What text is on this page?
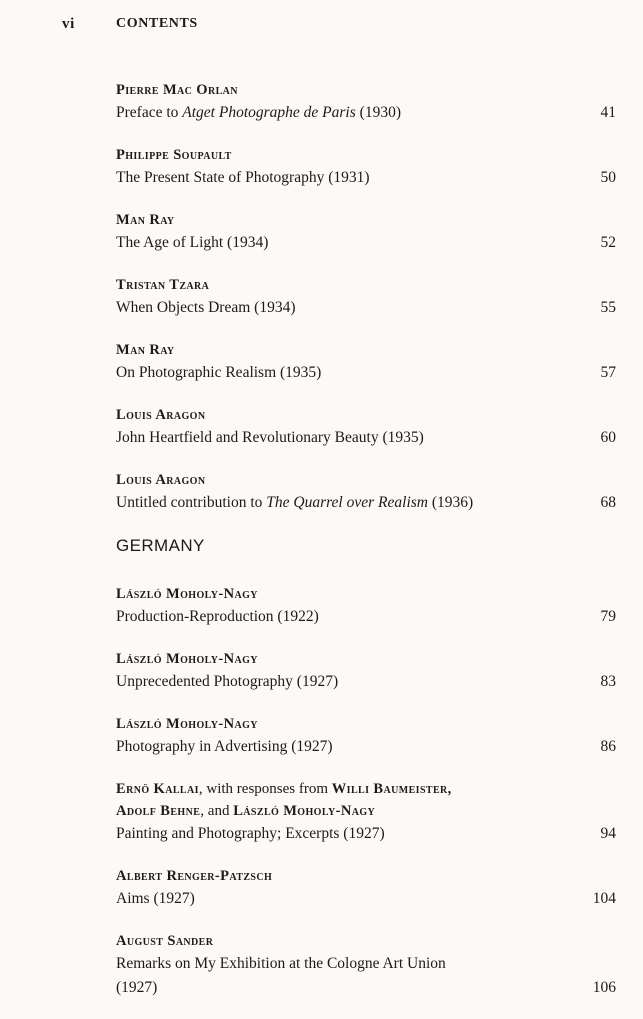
vi	CONTENTS
Pierre Mac Orlan
Preface to Atget Photographe de Paris (1930)	41
Philippe Soupault
The Present State of Photography (1931)	50
Man Ray
The Age of Light (1934)	52
Tristan Tzara
When Objects Dream (1934)	55
Man Ray
On Photographic Realism (1935)	57
Louis Aragon
John Heartfield and Revolutionary Beauty (1935)	60
Louis Aragon
Untitled contribution to The Quarrel over Realism (1936)	68
GERMANY
László Moholy-Nagy
Production-Reproduction (1922)	79
László Moholy-Nagy
Unprecedented Photography (1927)	83
László Moholy-Nagy
Photography in Advertising (1927)	86
Ernö Kallai, with responses from Willi Baumeister,
Adolf Behne, and László Moholy-Nagy
Painting and Photography; Excerpts (1927)	94
Albert Renger-Patzsch
Aims (1927)	104
August Sander
Remarks on My Exhibition at the Cologne Art Union
(1927)	106
